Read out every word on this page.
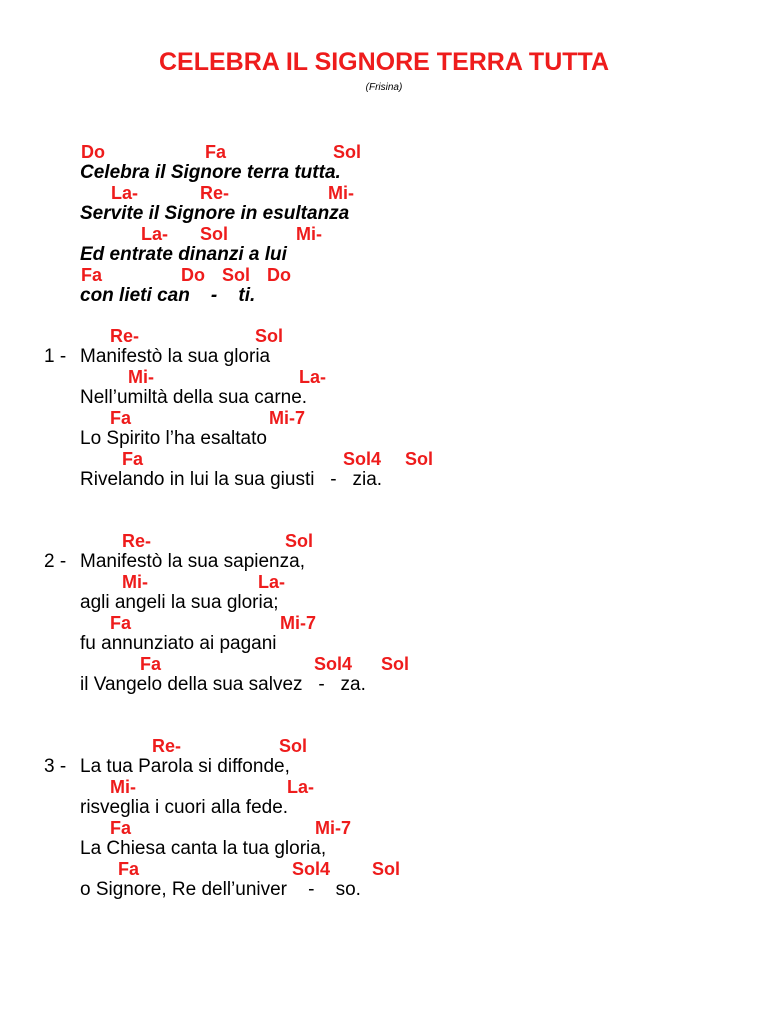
CELEBRA IL SIGNORE TERRA TUTTA
(Frisina)
Do	Fa	Sol
Celebra il Signore terra tutta.
La-	Re-	Mi-
Servite il Signore in esultanza
La- Sol	Mi-
Ed entrate dinanzi a lui
Fa	Do Sol Do
con lieti can    -    ti.
Re-	Sol
1 - Manifestò la sua gloria
Mi-	La-
Nell’umiltà della sua carne.
Fa	Mi-7
Lo Spirito l’ha esaltato
Fa	Sol4 Sol
Rivelando in lui la sua giusti   -   zia.
Re-	Sol
2 - Manifestò la sua sapienza,
Mi-	La-
agli angeli la sua gloria;
Fa	Mi-7
fu annunziato ai pagani
Fa	Sol4 Sol
il Vangelo della sua salvez   -   za.
Re-	Sol
3 - La tua Parola si diffonde,
Mi-	La-
risveglia i cuori alla fede.
Fa	Mi-7
La Chiesa canta la tua gloria,
Fa	Sol4 Sol
o Signore, Re dell’univer    -    so.
